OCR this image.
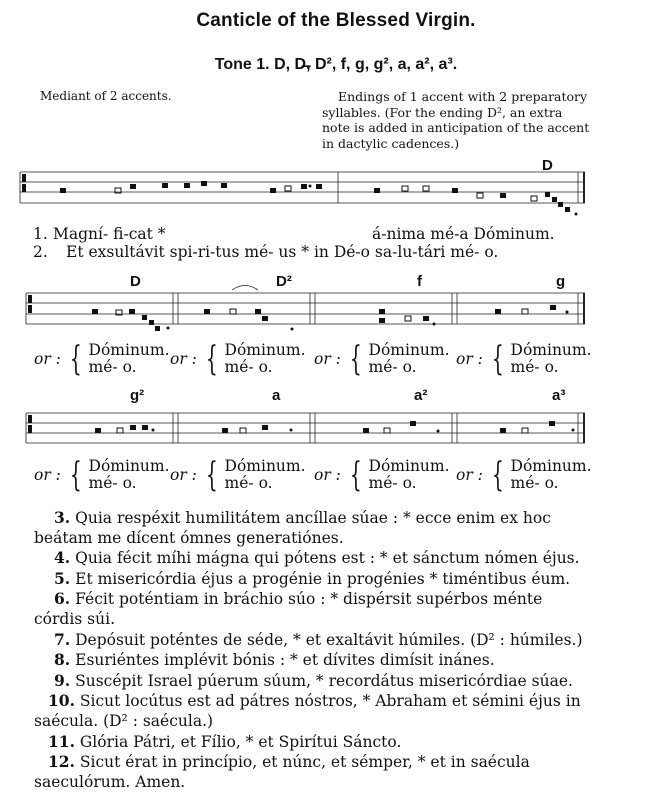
Canticle of the Blessed Virgin.
Tone 1. D, D̶, D², f, g, g², a, a², a³.
Mediant of 2 accents.	Endings of 1 accent with 2 preparatory syllables. (For the ending D², an extra note is added in anticipation of the accent in dactylic cadences.)
D
1. Magní- fi-cat *	á-nima mé-a Dóminum.
2. Et exsultávit spi-ri-tus mé- us * in Dé-o sa-lu-tári mé- o.
D	D²	f	g
g²	a	a²	a³
or : { Dóminum.
mé- o.	or : { Dóminum.
mé- o.	or : { Dóminum.
mé- o.	or : { Dóminum.
mé- o.
or : { Dóminum.
mé- o.	or : { Dóminum.
mé- o.	or : { Dóminum.
mé- o.	or : { Dóminum.
mé- o.
3. Quia respéxit humilitátem ancíllae súae : * ecce enim ex hoc beátam me dícent ómnes generatiónes.
4. Quia fécit míhi mágna qui pótens est : * et sánctum nómen éjus.
5. Et misericórdia éjus a progénie in progénies * timéntibus éum.
6. Fécit poténtiam in bráchio súo : * dispérsit supérbos ménte córdis súi.
7. Depósuit poténtes de séde, * et exaltávit húmiles. (D² : húmiles.)
8. Esuriéntes implévit bónis : * et dívites dimísit inánes.
9. Suscépit Israel púerum súum, * recordátus misericórdiae súae.
10. Sicut locútus est ad pátres nóstros, * Abraham et sémini éjus in saécula. (D² : saécula.)
11. Glória Pátri, et Fílio, * et Spirítui Sáncto.
12. Sicut érat in princípio, et núnc, et sémper, * et in saécula saeculórum. Amen.
